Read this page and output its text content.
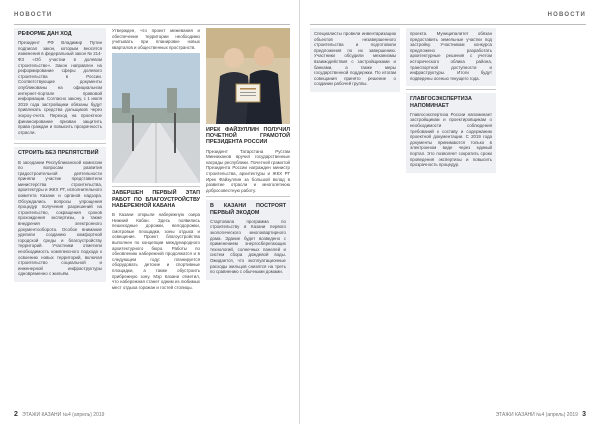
НОВОСТИ
РЕФОРМЕ ДАН ХОД

Президент РФ Владимир Путин подписал закон, которым вносятся изменения в федеральный закон № 214-ФЗ «Об участии в долевом строительстве». Закон направлен на реформирование сферы долевого строительства в России. Соответствующие документы опубликованы на официальном интернет-портале правовой информации. Согласно закону, с 1 июля 2019 года застройщики обязаны будут привлекать средства дольщиков через эскроу-счета. Переход на проектное финансирование призван защитить права граждан и повысить прозрачность отрасли.

СТРОИТЬ БЕЗ ПРЕПЯТСТВИЙ

В заседании Республиканской комиссии по вопросам развития градостроительной деятельности приняли участие представители министерства строительства, архитектуры и ЖКХ РТ, исполнительного комитета Казани и органов надзора. Обсуждались вопросы упрощения процедур получения разрешений на строительство, сокращения сроков прохождения экспертизы, а также внедрения электронного документооборота. Особое внимание уделили созданию комфортной городской среды и благоустройству территорий. Участники отметили необходимость комплексного подхода к освоению новых территорий, включая строительство социальной и инженерной инфраструктуры одновременно с жильём.

Утвержден, что проект межевания и обеспечение территории необходимо учитывать при планировке новых кварталов и общественных пространств.

ЗАВЕРШЕН ПЕРВЫЙ ЭТАП РАБОТ ПО БЛАГОУСТРОЙСТВУ НАБЕРЕЖНОЙ КАБАНА

В Казани открыли набережную озера Нижний Кабан. Здесь появились пешеходные дорожки, велодорожки, смотровые площадки, зоны отдыха и освещение. Проект благоустройства выполнен по концепции международного архитектурного бюро. Работы по обновлению набережной продолжатся и в следующем году: планируется оборудовать детские и спортивные площадки, а также обустроить прибрежную зону. Мэр Казани отметил, что набережная станет одним из любимых мест отдыха горожан и гостей столицы.

ИРЕК ФАЙЗУЛЛИН ПОЛУЧИЛ ПОЧЕТНОЙ ГРАМОТОЙ ПРЕЗИДЕНТА РОССИИ

Президент Татарстана Рустам Минниханов вручил государственные награды республики. Почетной грамотой Президента России награжден министр строительства, архитектуры и ЖКХ РТ Ирек Файзуллин за большой вклад в развитие отрасли и многолетнюю добросовестную работу.

В КАЗАНИ ПОСТРОЯТ ПЕРВЫЙ ЭКОДОМ

Стартовала программа по строительству в Казани первого экологического многоквартирного дома. Здание будет возведено с применением энергосберегающих технологий, солнечных панелей и систем сбора дождевой воды. Ожидается, что эксплуатационные расходы жильцов снизятся на треть по сравнению с обычными домами.

2 ЭТАЖИ КАЗАНИ №4 (апрель) 2019
НОВОСТИ

Специалисты провели инвентаризацию объектов незавершенного строительства и подготовили предложения по их завершению. Участники обсудили механизмы взаимодействия с застройщиками и банками, а также меры государственной поддержки. По итогам совещания принято решение о создании рабочей группы.

проекта. Муниципалитет обязан предоставить земельные участки под застройку. Участникам конкурса предложено разработать архитектурные решения с учетом исторического облика района, транспортной доступности и инфраструктуры. Итоги будут подведены осенью текущего года.

ГЛАВГОСЭКСПЕРТИЗА НАПОМИНАЕТ

Главгосэкспертиза России напоминает застройщикам и проектировщикам о необходимости соблюдения требований к составу и содержанию проектной документации. С 2019 года документы принимаются только в электронном виде через единый портал. Это позволяет сократить сроки проведения экспертизы и повысить прозрачность процедур.

ЭТАЖИ КАЗАНИ №4 (апрель) 2019 3
